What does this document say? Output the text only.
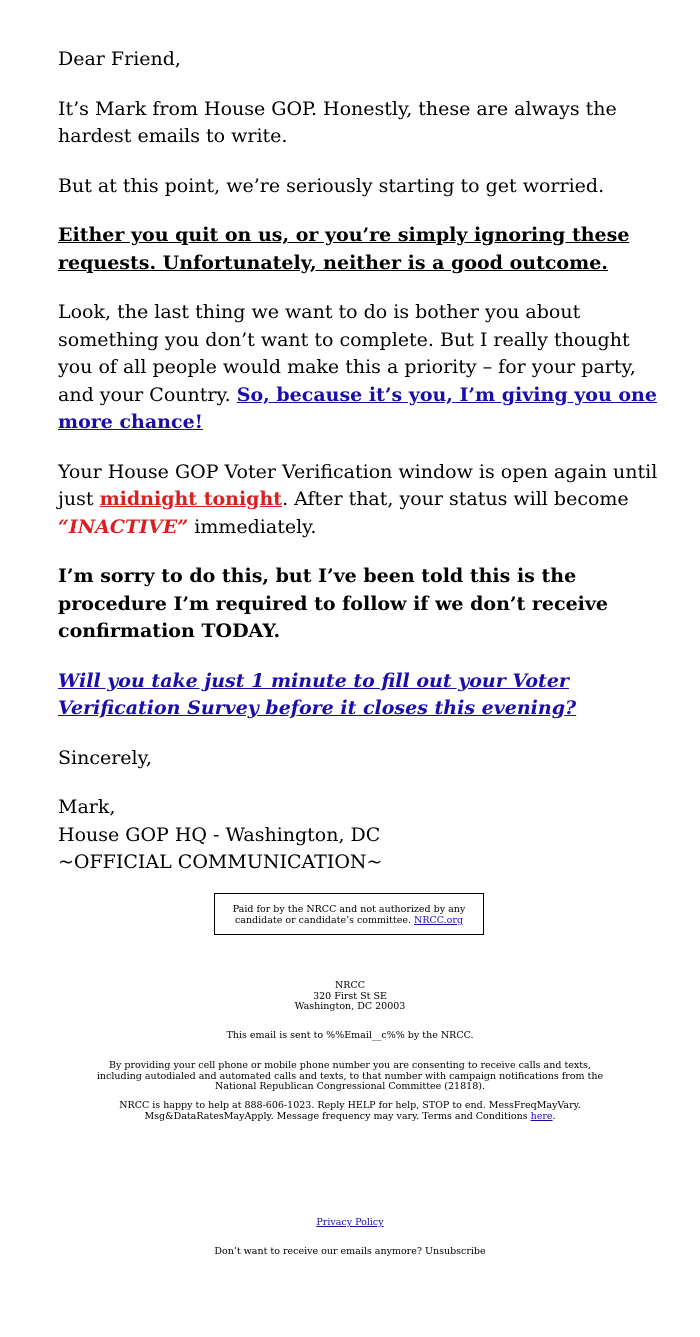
Dear Friend,

It’s Mark from House GOP. Honestly, these are always the hardest emails to write.

But at this point, we’re seriously starting to get worried.

Either you quit on us, or you’re simply ignoring these requests. Unfortunately, neither is a good outcome.

Look, the last thing we want to do is bother you about something you don’t want to complete. But I really thought you of all people would make this a priority – for your party, and your Country. So, because it’s you, I’m giving you one more chance!

Your House GOP Voter Verification window is open again until just midnight tonight. After that, your status will become
“INACTIVE” immediately.

I’m sorry to do this, but I’ve been told this is the procedure I’m required to follow if we don’t receive confirmation TODAY.

Will you take just 1 minute to fill out your Voter Verification Survey before it closes this evening?

Sincerely,

Mark,

House GOP HQ - Washington, DC

~OFFICIAL COMMUNICATION~

Paid for by the NRCC and not authorized by any candidate or candidate’s committee. NRCC.org
NRCC
320 First St SE
Washington, DC 20003
This email is sent to %%Email__c%% by the NRCC.
By providing your cell phone or mobile phone number you are consenting to receive calls and texts, including autodialed and automated calls and texts, to that number with campaign notifications from the National Republican Congressional Committee (21818).
NRCC is happy to help at 888-606-1023. Reply HELP for help, STOP to end. MessFreqMayVary. Msg&DataRatesMayApply. Message frequency may vary. Terms and Conditions here.
Privacy Policy
Don’t want to receive our emails anymore? Unsubscribe
